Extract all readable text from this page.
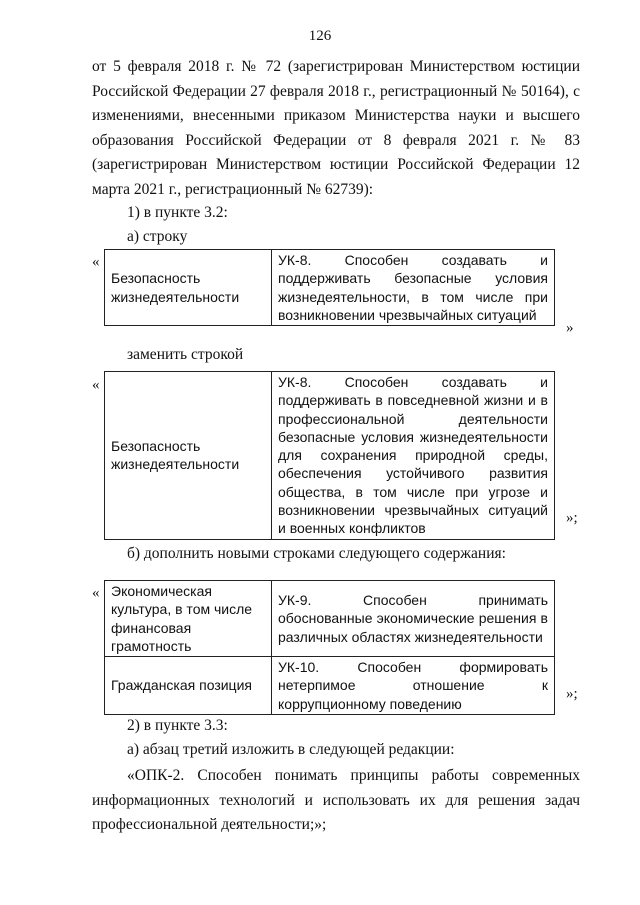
126

от 5 февраля 2018 г. № 72 (зарегистрирован Министерством юстиции Российской Федерации 27 февраля 2018 г., регистрационный № 50164), с изменениями, внесенными приказом Министерства науки и высшего образования Российской Федерации от 8 февраля 2021 г. № 83 (зарегистрирован Министерством юстиции Российской Федерации 12 марта 2021 г., регистрационный № 62739):

1) в пункте 3.2:
а) строку
«
Безопасность жизнедеятельности	УК-8. Способен создавать и поддерживать безопасные условия жизнедеятельности, в том числе при возникновении чрезвычайных ситуаций
»
заменить строкой
«
Безопасность жизнедеятельности	УК-8. Способен создавать и поддерживать в повседневной жизни и в профессиональной деятельности безопасные условия жизнедеятельности для сохранения природной среды, обеспечения устойчивого развития общества, в том числе при угрозе и возникновении чрезвычайных ситуаций и военных конфликтов
»;
б) дополнить новыми строками следующего содержания:
« Экономическая культура, в том числе финансовая грамотность	УК-9. Способен принимать обоснованные экономические решения в различных областях жизнедеятельности
Гражданская позиция	УК-10. Способен формировать нетерпимое отношение к коррупционному поведению
»;
2) в пункте 3.3:
а) абзац третий изложить в следующей редакции:

«ОПК-2. Способен понимать принципы работы современных информационных технологий и использовать их для решения задач профессиональной деятельности;»;
